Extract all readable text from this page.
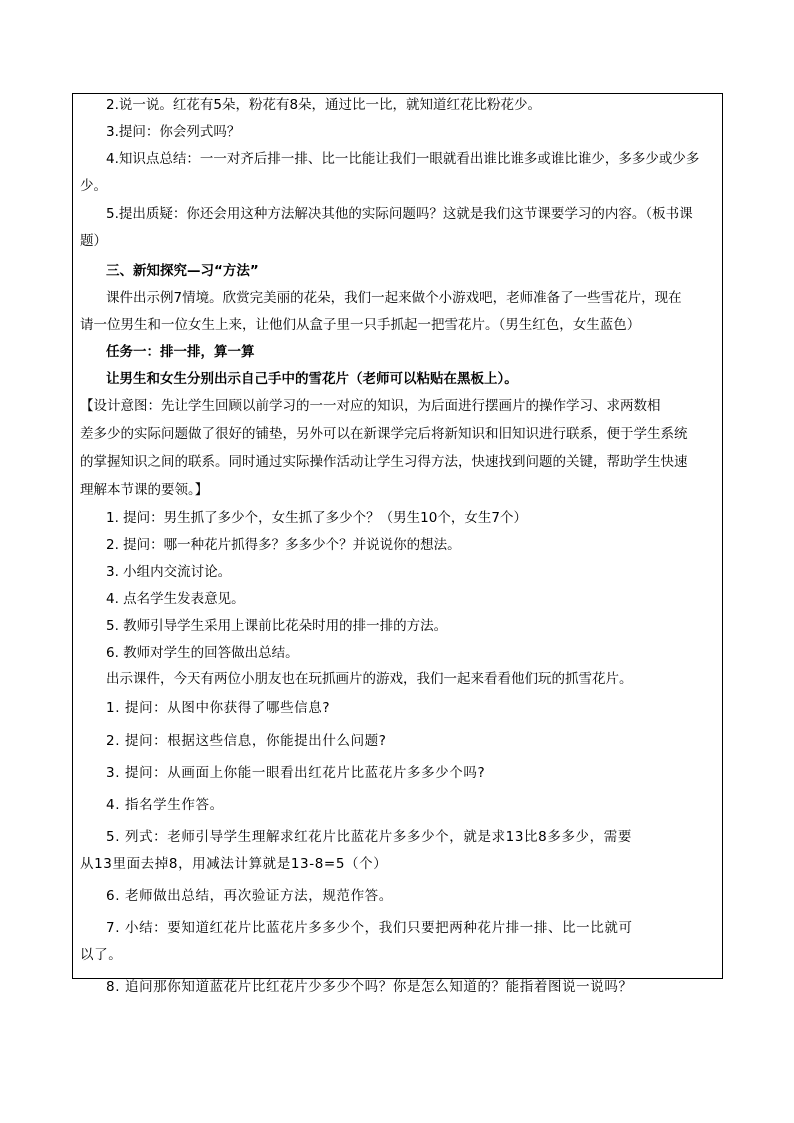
2.说一说。红花有5朵，粉花有8朵，通过比一比，就知道红花比粉花少。
3.提问：你会列式吗？
4.知识点总结：一一对齐后排一排、比一比能让我们一眼就看出谁比谁多或谁比谁少，多多少或少多
少。
5.提出质疑：你还会用这种方法解决其他的实际问题吗？这就是我们这节课要学习的内容。（板书课
题）
三、新知探究—习“方法”
课件出示例7情境。欣赏完美丽的花朵，我们一起来做个小游戏吧，老师准备了一些雪花片，现在
请一位男生和一位女生上来，让他们从盒子里一只手抓起一把雪花片。（男生红色，女生蓝色）
任务一：排一排，算一算
让男生和女生分别出示自己手中的雪花片（老师可以粘贴在黑板上）。
【设计意图：先让学生回顾以前学习的一一对应的知识，为后面进行摆画片的操作学习、求两数相
差多少的实际问题做了很好的铺垫，另外可以在新课学完后将新知识和旧知识进行联系，便于学生系统
的掌握知识之间的联系。同时通过实际操作活动让学生习得方法，快速找到问题的关键，帮助学生快速
理解本节课的要领。】
1. 提问：男生抓了多少个，女生抓了多少个？（男生10个，女生7个）
2. 提问：哪一种花片抓得多？多多少个？并说说你的想法。
3. 小组内交流讨论。
4. 点名学生发表意见。
5. 教师引导学生采用上课前比花朵时用的排一排的方法。
6. 教师对学生的回答做出总结。
出示课件，今天有两位小朋友也在玩抓画片的游戏，我们一起来看看他们玩的抓雪花片。
1. 提问：从图中你获得了哪些信息?
2. 提问：根据这些信息，你能提出什么问题?
3. 提问：从画面上你能一眼看出红花片比蓝花片多多少个吗?
4. 指名学生作答。
5. 列式：老师引导学生理解求红花片比蓝花片多多少个，就是求13比8多多少，需要
从13里面去掉8，用减法计算就是13-8=5（个）
6. 老师做出总结，再次验证方法，规范作答。
7. 小结：要知道红花片比蓝花片多多少个，我们只要把两种花片排一排、比一比就可
以了。
8. 追问那你知道蓝花片比红花片少多少个吗？你是怎么知道的？能指着图说一说吗？
